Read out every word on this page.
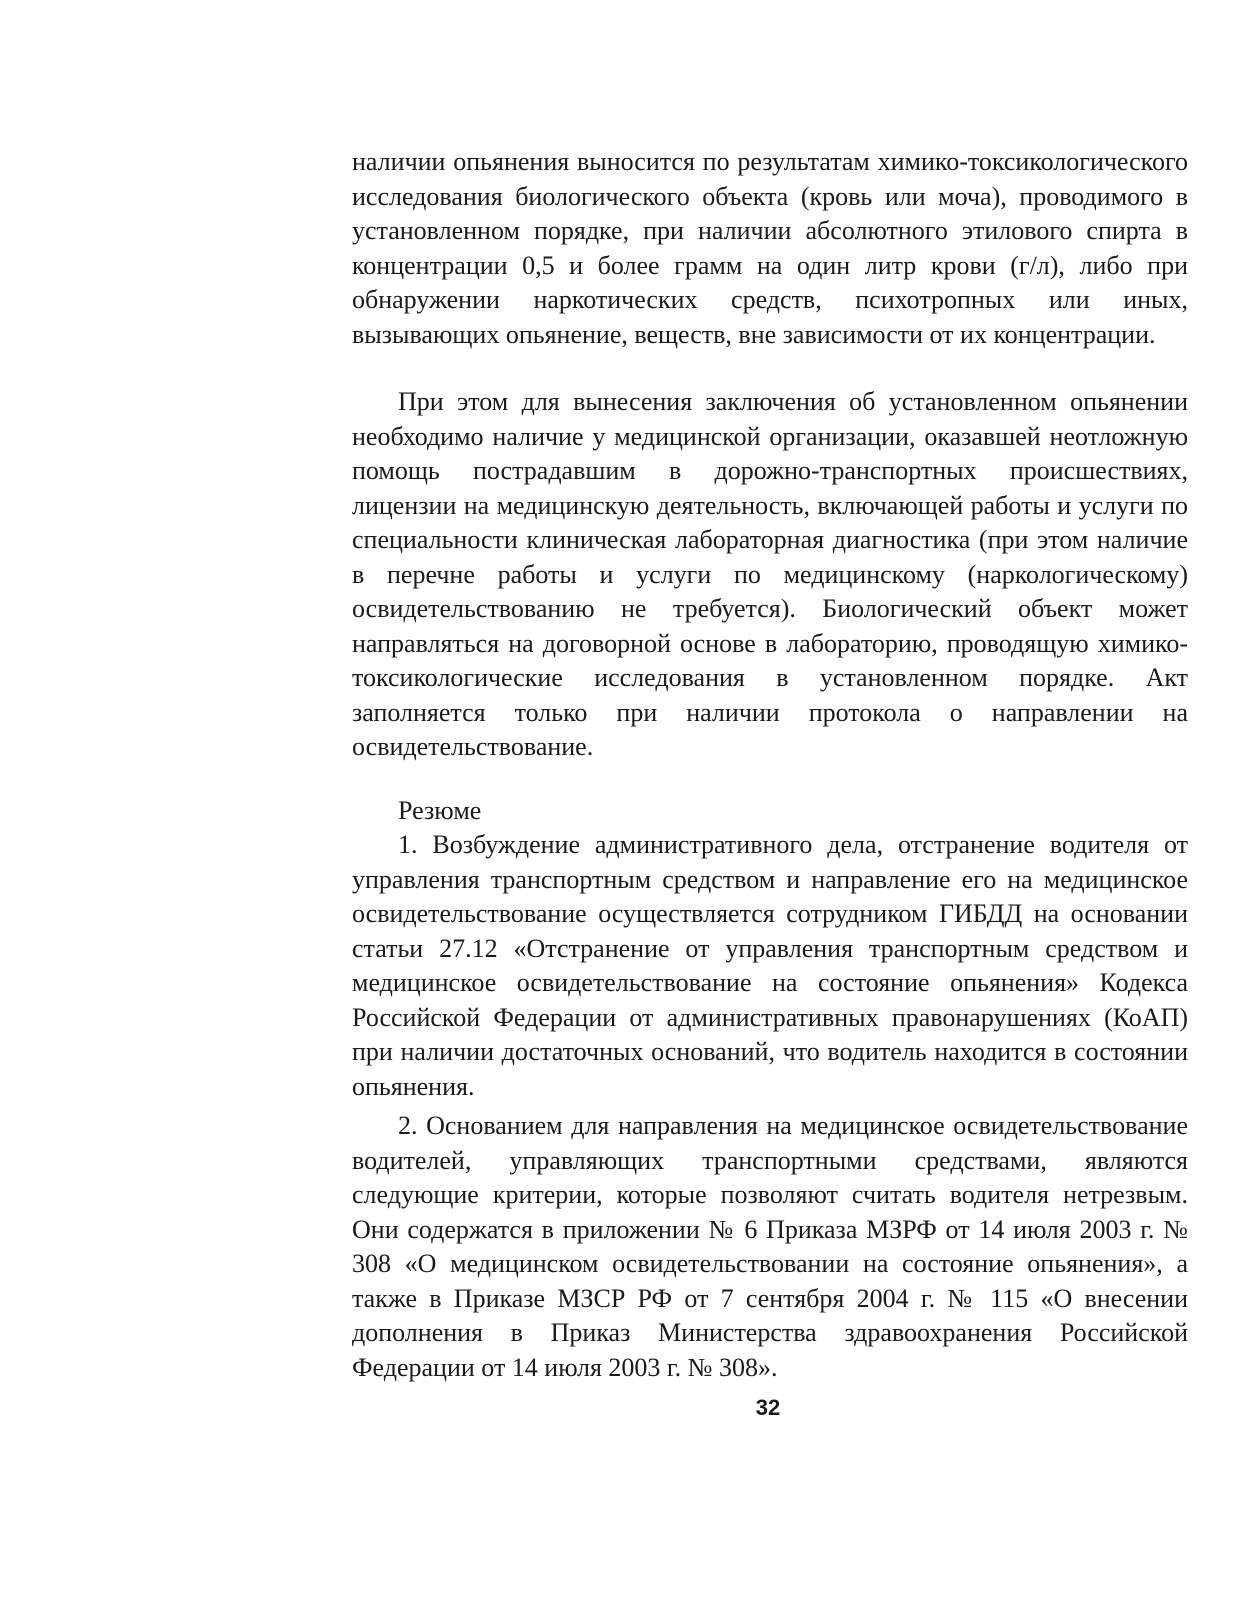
наличии опьянения выносится по результатам химико-токсикологического исследования биологического объекта (кровь или моча), проводимого в установленном порядке, при наличии абсолютного этилового спирта в концентрации 0,5 и более грамм на один литр крови (г/л), либо при обнаружении наркотических средств, психотропных или иных, вызывающих опьянение, веществ, вне зависимости от их концентрации.

При этом для вынесения заключения об установленном опьянении необходимо наличие у медицинской организации, оказавшей неотложную помощь пострадавшим в дорожно-транспортных происшествиях, лицензии на медицинскую деятельность, включающей работы и услуги по специальности клиническая лабораторная диагностика (при этом наличие в перечне работы и услуги по медицинскому (наркологическому) освидетельствованию не требуется). Биологический объект может направляться на договорной основе в лабораторию, проводящую химико-токсикологические исследования в установленном порядке. Акт заполняется только при наличии протокола о направлении на освидетельствование.

Резюме

1. Возбуждение административного дела, отстранение водителя от управления транспортным средством и направление его на медицинское освидетельствование осуществляется сотрудником ГИБДД на основании статьи 27.12 «Отстранение от управления транспортным средством и медицинское освидетельствование на состояние опьянения» Кодекса Российской Федерации от административных правонарушениях (КоАП) при наличии достаточных оснований, что водитель находится в состоянии опьянения.

2. Основанием для направления на медицинское освидетельствование водителей, управляющих транспортными средствами, являются следующие критерии, которые позволяют считать водителя нетрезвым. Они содержатся в приложении № 6 Приказа МЗРФ от 14 июля 2003 г. № 308 «О медицинском освидетельствовании на состояние опьянения», а также в Приказе МЗСР РФ от 7 сентября 2004 г. № 115 «О внесении дополнения в Приказ Министерства здравоохранения Российской Федерации от 14 июля 2003 г. № 308».

32
